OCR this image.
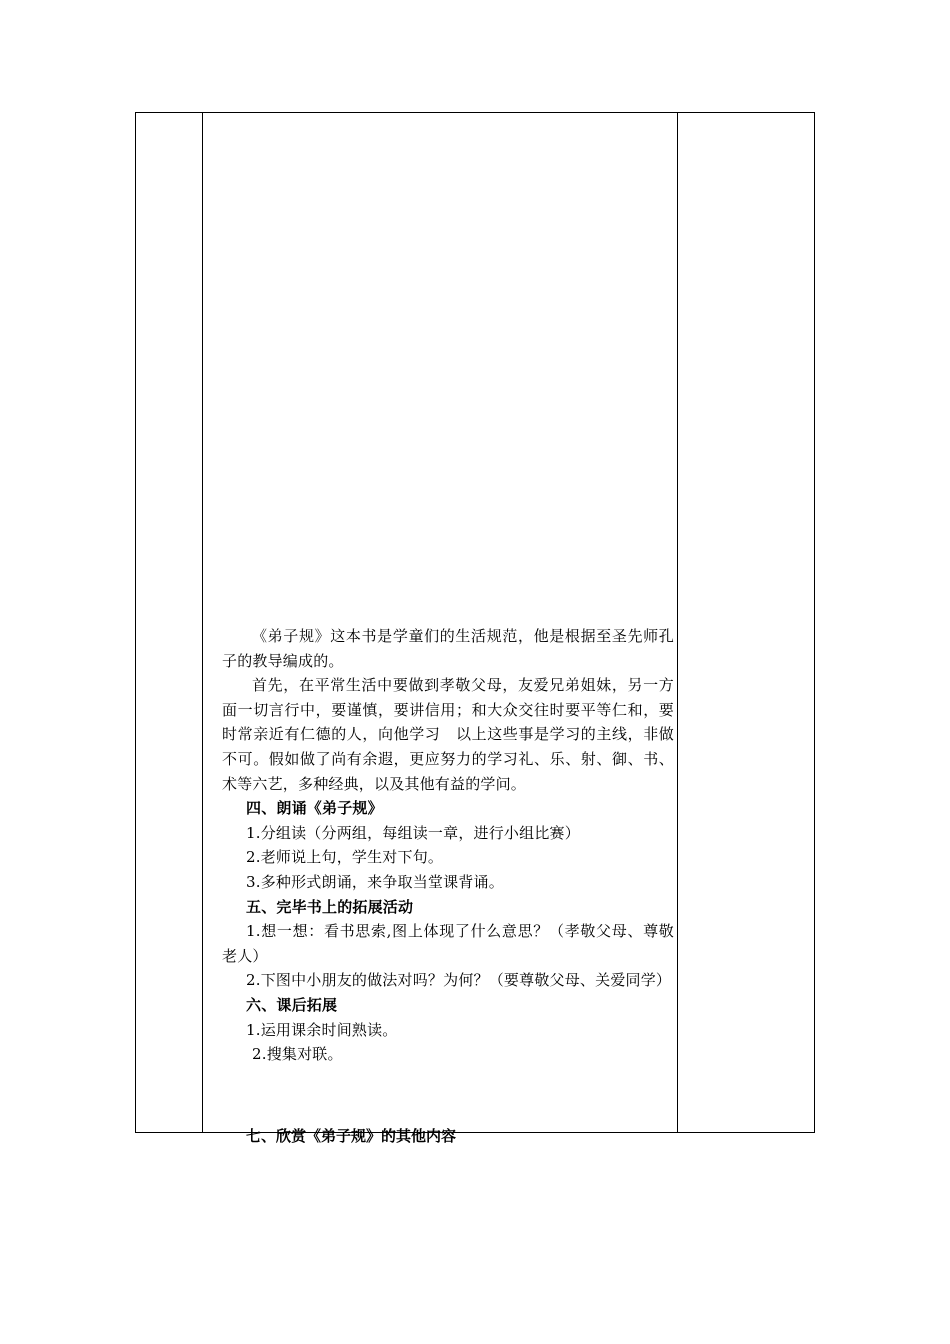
《弟子规》这本书是学童们的生活规范，他是根据至圣先师孔子的教导编成的。

首先，在平常生活中要做到孝敬父母，友爱兄弟姐妹，另一方面一切言行中，要谨慎，要讲信用；和大众交往时要平等仁和，要时常亲近有仁德的人，向他学习　以上这些事是学习的主线，非做不可。假如做了尚有余遐，更应努力的学习礼、乐、射、御、书、术等六艺，多种经典，以及其他有益的学问。

四、朗诵《弟子规》

1.分组读（分两组，每组读一章，进行小组比赛）

2.老师说上句，学生对下句。

3.多种形式朗诵，来争取当堂课背诵。

五、完毕书上的拓展活动

1.想一想：看书思索,图上体现了什么意思？（孝敬父母、尊敬老人）

2.下图中小朋友的做法对吗？为何？（要尊敬父母、关爱同学）

六、课后拓展

1.运用课余时间熟读。

2.搜集对联。

七、欣赏《弟子规》的其他内容
